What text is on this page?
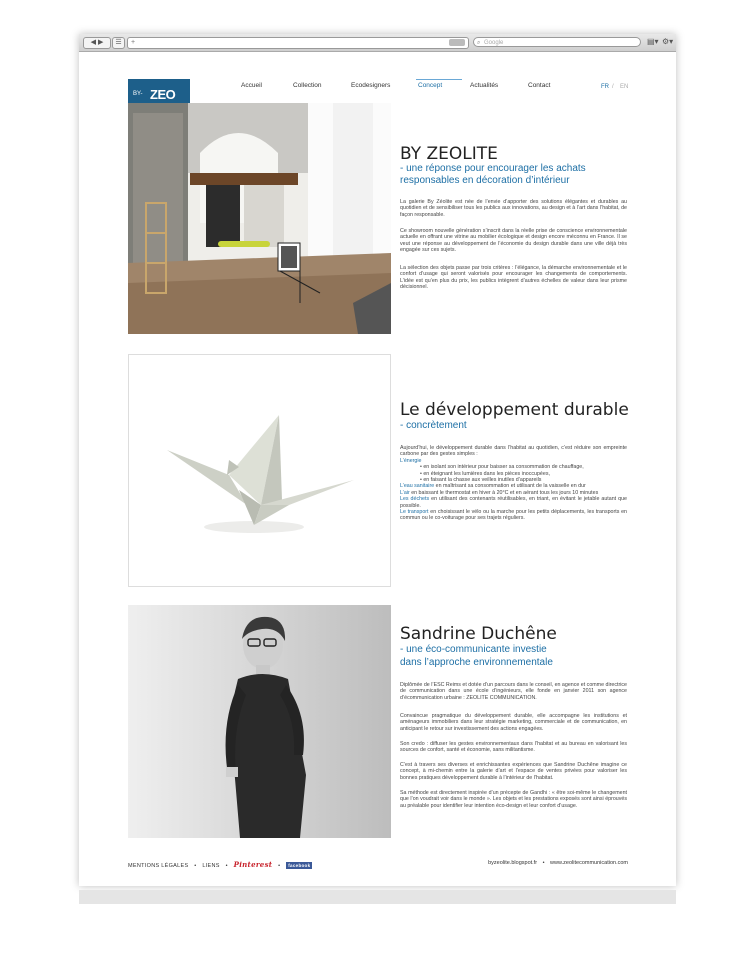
◀ ▶	☰	+	⌕ Google	▤▾ ⚙▾
BY- ZEO
Accueil	Collection	Ecodesigners	Concept	Actualités	Contact	FR / EN
BY ZEOLITE
- une réponse pour encourager les achats
responsables en décoration d’intérieur
La galerie By Zéolite est née de l’envie d’apporter des solutions élégantes et durables au quotidien et de sensibiliser tous les publics aux innovations, au design et à l’art dans l’habitat, de façon responsable.
Ce showroom nouvelle génération s’inscrit dans la réelle prise de conscience environnementale actuelle en offrant une vitrine au mobilier écologique et design encore méconnu en France. Il se veut une réponse au développement de l’économie du design durable dans une ville déjà très engagée sur ces sujets.
La sélection des objets passe par trois critères : l’élégance, la démarche environnementale et le confort d’usage qui seront valorisés pour encourager les changements de comportements. L’idée est qu’en plus du prix, les publics intègrent d’autres échelles de valeur dans leur prisme décisionnel.
Le développement durable
- concrètement
Aujourd’hui, le développement durable dans l’habitat au quotidien, c’est réduire son empreinte carbone par des gestes simples :
L’énergie
• en isolant son intérieur pour baisser sa consommation de chauffage,
• en éteignant les lumières dans les pièces inoccupées,
• en faisant la chasse aux veilles inutiles d’appareils
L’eau sanitaire en maîtrisant sa consommation et utilisant de la vaisselle en dur
L’air en baissant le thermostat en hiver à 20°C et en aérant tous les jours 10 minutes
Les déchets en utilisant des contenants réutilisables, en triant, en évitant le jetable autant que possible.
Le transport en choisissant le vélo ou la marche pour les petits déplacements, les transports en commun ou le co-voiturage pour ses trajets réguliers.
Sandrine Duchêne
- une éco-communicante investie
dans l’approche environnementale
Diplômée de l’ESC Reims et dotée d’un parcours dans le conseil, en agence et comme directrice de communication dans une école d’ingénieurs, elle fonde en janvier 2011 son agence d’écommunication urbaine : ZEOLITE COMMUNICATION.
Convaincue pragmatique du développement durable, elle accompagne les institutions et aménageurs immobiliers dans leur stratégie marketing, commerciale et de communication, en anticipant le retour sur investissement des actions engagées.
Son credo : diffuser les gestes environnementaux dans l’habitat et au bureau en valorisant les sources de confort, santé et économie, sans militantisme.
C’est à travers ses diverses et enrichissantes expériences que Sandrine Duchêne imagine ce concept, à mi-chemin entre la galerie d’art et l’espace de ventes privées pour valoriser les bonnes pratiques développement durable à l’intérieur de l’habitat.
Sa méthode est directement inspirée d’un précepte de Gandhi : « être soi-même le changement que l’on voudrait voir dans le monde ». Les objets et les prestations exposés sont ainsi éprouvés au préalable pour identifier leur intention éco-design et leur confort d’usage.
MENTIONS LÉGALES • LIENS • Pinterest • facebook	byzeolite.blogspot.fr • www.zeolitecommunication.com
